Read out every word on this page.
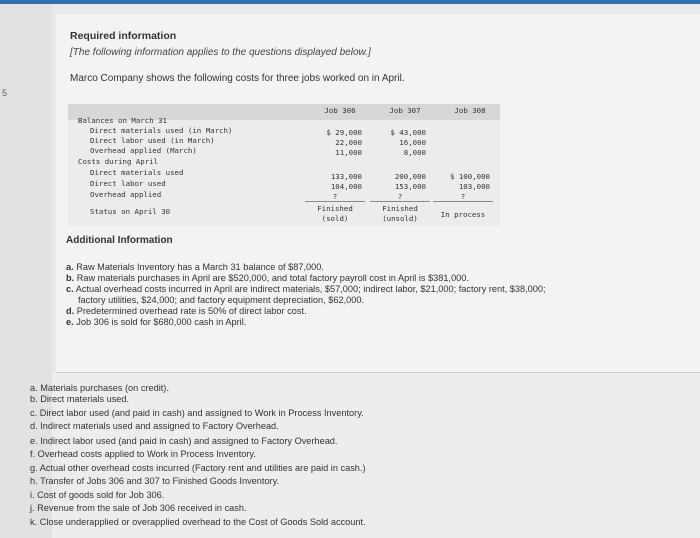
5
Required information
[The following information applies to the questions displayed below.]
Marco Company shows the following costs for three jobs worked on in April.
Job 306	Job 307	Job 308
Balances on March 31
Direct materials used (in March)
Direct labor used (in March)
Overhead applied (March)
Costs during April
Direct materials used
Direct labor used
Overhead applied
Status on April 30
$ 29,000
22,000
11,000
133,000
104,000
?
Finished
(sold)
$ 43,000
16,000
8,000
200,000
153,000
?
Finished
(unsold)
$ 100,000
103,000
?
In process
Additional Information
a. Raw Materials Inventory has a March 31 balance of $87,000.
b. Raw materials purchases in April are $520,000, and total factory payroll cost in April is $381,000.
c. Actual overhead costs incurred in April are indirect materials, $57,000; indirect labor, $21,000; factory rent, $38,000;
factory utilities, $24,000; and factory equipment depreciation, $62,000.
d. Predetermined overhead rate is 50% of direct labor cost.
e. Job 306 is sold for $680,000 cash in April.
a. Materials purchases (on credit).
b. Direct materials used.
c. Direct labor used (and paid in cash) and assigned to Work in Process Inventory.
d. Indirect materials used and assigned to Factory Overhead.
e. Indirect labor used (and paid in cash) and assigned to Factory Overhead.
f. Overhead costs applied to Work in Process Inventory.
g. Actual other overhead costs incurred (Factory rent and utilities are paid in cash.)
h. Transfer of Jobs 306 and 307 to Finished Goods Inventory.
i. Cost of goods sold for Job 306.
j. Revenue from the sale of Job 306 received in cash.
k. Close underapplied or overapplied overhead to the Cost of Goods Sold account.
